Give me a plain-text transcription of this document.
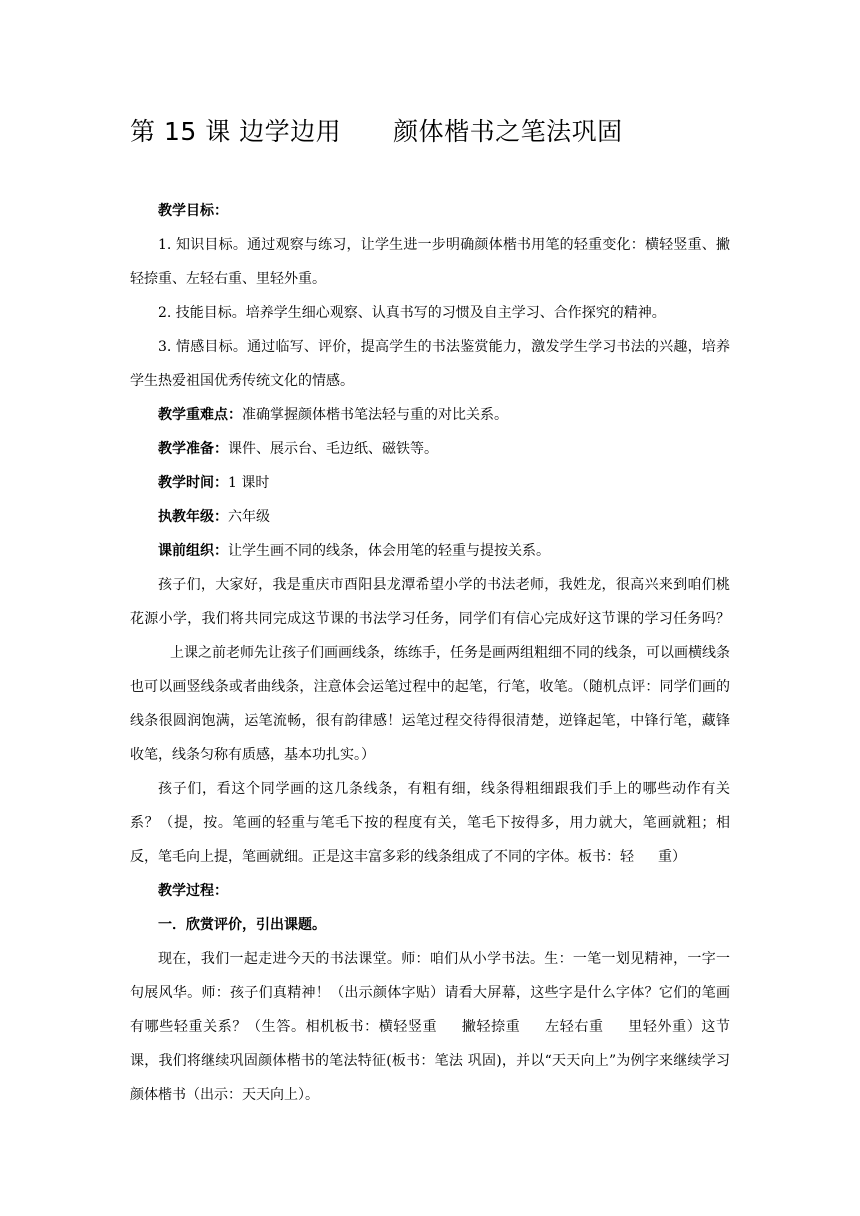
第 15 课 边学边用 颜体楷书之笔法巩固

教学目标：

1. 知识目标。通过观察与练习，让学生进一步明确颜体楷书用笔的轻重变化：横轻竖重、撇轻捺重、左轻右重、里轻外重。

2. 技能目标。培养学生细心观察、认真书写的习惯及自主学习、合作探究的精神。

3. 情感目标。通过临写、评价，提高学生的书法鉴赏能力，激发学生学习书法的兴趣，培养学生热爱祖国优秀传统文化的情感。

教学重难点：准确掌握颜体楷书笔法轻与重的对比关系。

教学准备：课件、展示台、毛边纸、磁铁等。

教学时间：1 课时

执教年级：六年级

课前组织：让学生画不同的线条，体会用笔的轻重与提按关系。

孩子们，大家好，我是重庆市酉阳县龙潭希望小学的书法老师，我姓龙，很高兴来到咱们桃花源小学，我们将共同完成这节课的书法学习任务，同学们有信心完成好这节课的学习任务吗？上课之前老师先让孩子们画画线条，练练手，任务是画两组粗细不同的线条，可以画横线条也可以画竖线条或者曲线条，注意体会运笔过程中的起笔，行笔，收笔。（随机点评：同学们画的线条很圆润饱满，运笔流畅，很有韵律感！运笔过程交待得很清楚，逆锋起笔，中锋行笔，藏锋收笔，线条匀称有质感，基本功扎实。）

孩子们，看这个同学画的这几条线条，有粗有细，线条得粗细跟我们手上的哪些动作有关系？（提，按。笔画的轻重与笔毛下按的程度有关，笔毛下按得多，用力就大，笔画就粗；相反，笔毛向上提，笔画就细。正是这丰富多彩的线条组成了不同的字体。板书：轻 重）

教学过程：

一．欣赏评价，引出课题。

现在，我们一起走进今天的书法课堂。师：咱们从小学书法。生：一笔一划见精神，一字一句展风华。师：孩子们真精神！（出示颜体字贴）请看大屏幕，这些字是什么字体？它们的笔画有哪些轻重关系？（生答。相机板书：横轻竖重 撇轻捺重 左轻右重 里轻外重）这节课，我们将继续巩固颜体楷书的笔法特征(板书：笔法 巩固)，并以“天天向上”为例字来继续学习颜体楷书（出示：天天向上）。
